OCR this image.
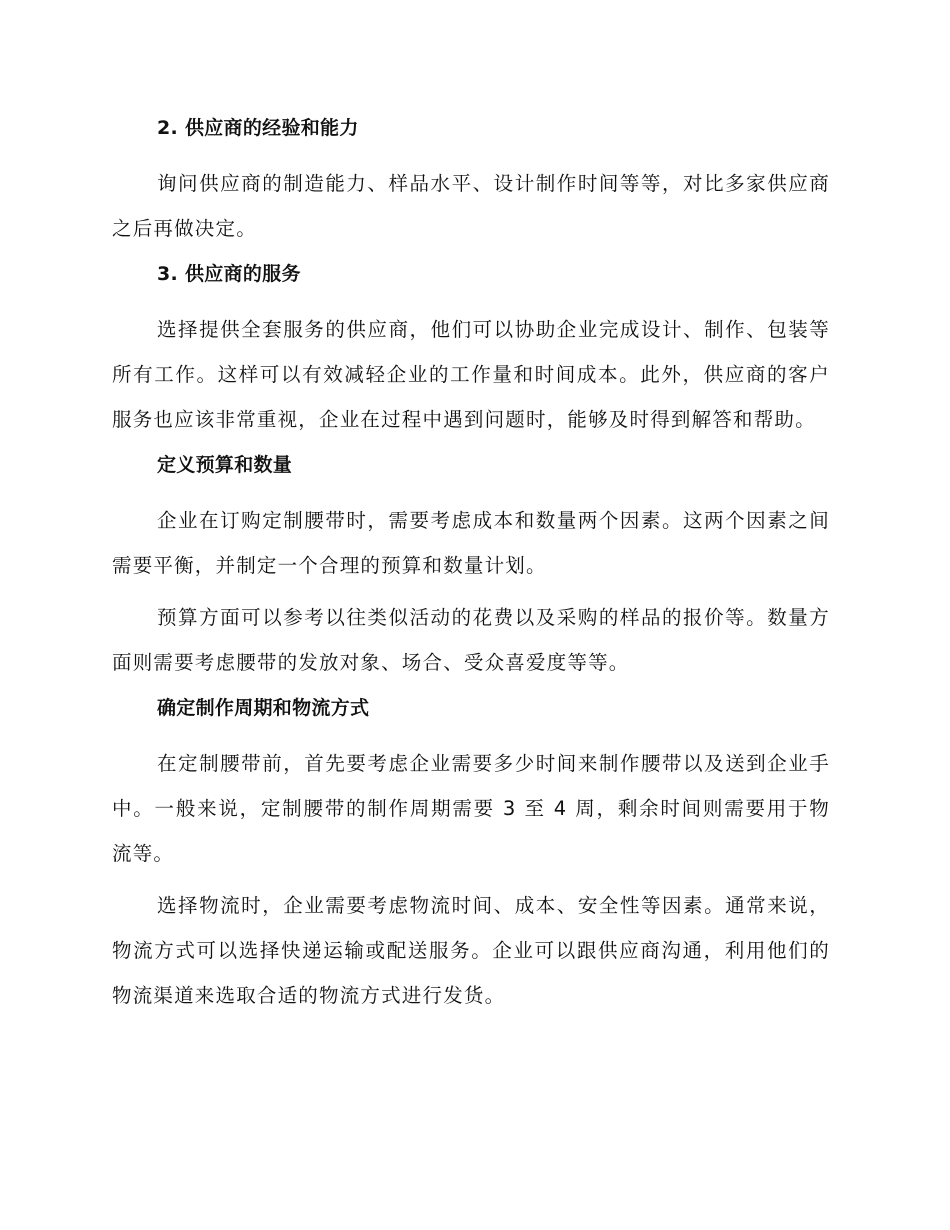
2. 供应商的经验和能力

询问供应商的制造能力、样品水平、设计制作时间等等，对比多家供应商之后再做决定。

3. 供应商的服务

选择提供全套服务的供应商，他们可以协助企业完成设计、制作、包装等所有工作。这样可以有效减轻企业的工作量和时间成本。此外，供应商的客户服务也应该非常重视，企业在过程中遇到问题时，能够及时得到解答和帮助。

定义预算和数量

企业在订购定制腰带时，需要考虑成本和数量两个因素。这两个因素之间需要平衡，并制定一个合理的预算和数量计划。

预算方面可以参考以往类似活动的花费以及采购的样品的报价等。数量方面则需要考虑腰带的发放对象、场合、受众喜爱度等等。

确定制作周期和物流方式

在定制腰带前，首先要考虑企业需要多少时间来制作腰带以及送到企业手中。一般来说，定制腰带的制作周期需要 3 至 4 周，剩余时间则需要用于物流等。

选择物流时，企业需要考虑物流时间、成本、安全性等因素。通常来说，物流方式可以选择快递运输或配送服务。企业可以跟供应商沟通，利用他们的物流渠道来选取合适的物流方式进行发货。
